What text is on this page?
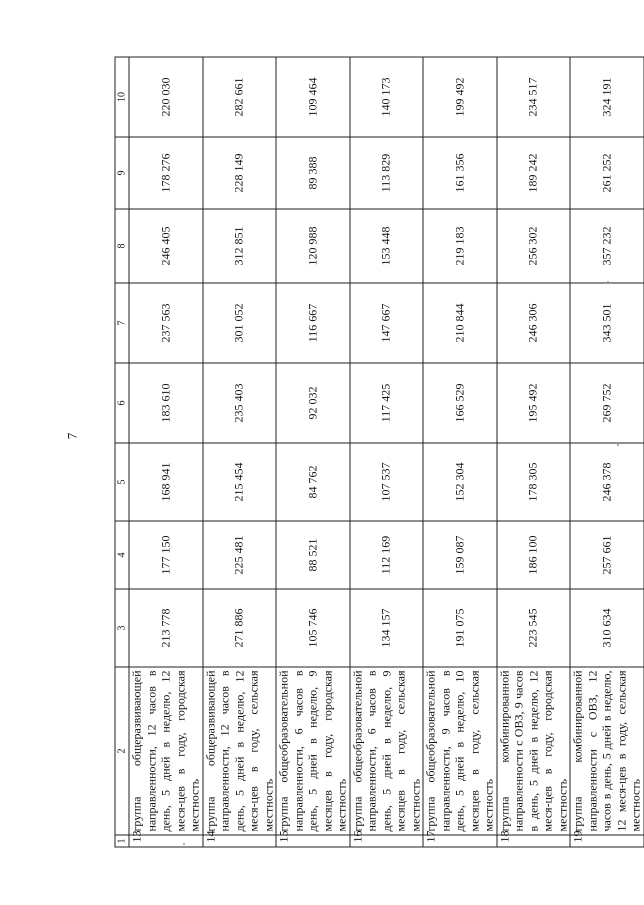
7
1	2	3	4	5	6	7	8	9	10
13	группа общеразвивающей направленности, 12 часов в день, 5 дней в неделю, 12 меся-цев в году, городская местность	213 778	177 150	168 941	183 610	237 563	246 405	178 276	220 030
14	группа общеразвивающей направленности, 12 часов в день, 5 дней в неделю, 12 меся-цев в году, сельская местность	271 886	225 481	215 454	235 403	301 052	312 851	228 149	282 661
15	группа общеобразовательной направленности, 6 часов в день, 5 дней в неделю, 9 месяцев в году, городская местность	105 746	88 521	84 762	92 032	116 667	120 988	89 388	109 464
16	группа общеобразовательной направленности, 6 часов в день, 5 дней в неделю, 9 месяцев в году, сельская местность	134 157	112 169	107 537	117 425	147 667	153 448	113 829	140 173
17	группа общеобразовательной направленности, 9 часов в день, 5 дней в неделю, 10 месяцев в году, сельская местность	191 075	159 087	152 304	166 529	210 844	219 183	161 356	199 492
18	группа комбинированной направленности с ОВЗ, 9 часов в день, 5 дней в неделю, 12 меся-цев в году, городская местность	223 545	186 100	178 305	195 492	246 306	256 302	189 242	234 517
19	группа комбинированной направленности с ОВЗ, 12 часов в день, 5 дней в неделю, 12 меся-цев в году, сельская местность	310 634	257 661	246 378	269 752	343 501	357 232	261 252	324 191
